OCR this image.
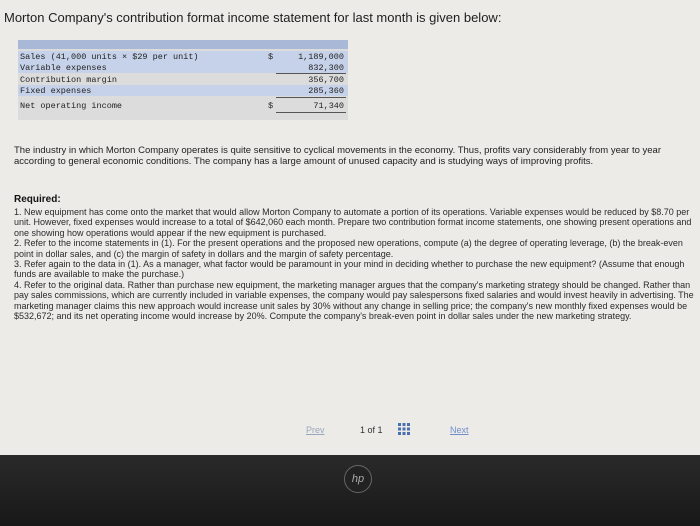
Morton Company's contribution format income statement for last month is given below:
Sales (41,000 units × $29 per unit)	$	1,189,000
Variable expenses	832,300
Contribution margin	356,700
Fixed expenses	285,360
Net operating income	$	71,340
The industry in which Morton Company operates is quite sensitive to cyclical movements in the economy. Thus, profits vary considerably from year to year according to general economic conditions. The company has a large amount of unused capacity and is studying ways of improving profits.
Required:

1. New equipment has come onto the market that would allow Morton Company to automate a portion of its operations. Variable expenses would be reduced by $8.70 per unit. However, fixed expenses would increase to a total of $642,060 each month. Prepare two contribution format income statements, one showing present operations and one showing how operations would appear if the new equipment is purchased.

2. Refer to the income statements in (1). For the present operations and the proposed new operations, compute (a) the degree of operating leverage, (b) the break-even point in dollar sales, and (c) the margin of safety in dollars and the margin of safety percentage.

3. Refer again to the data in (1). As a manager, what factor would be paramount in your mind in deciding whether to purchase the new equipment? (Assume that enough funds are available to make the purchase.)

4. Refer to the original data. Rather than purchase new equipment, the marketing manager argues that the company's marketing strategy should be changed. Rather than pay sales commissions, which are currently included in variable expenses, the company would pay salespersons fixed salaries and would invest heavily in advertising. The marketing manager claims this new approach would increase unit sales by 30% without any change in selling price; the company's new monthly fixed expenses would be $532,672; and its net operating income would increase by 20%. Compute the company's break-even point in dollar sales under the new marketing strategy.

Prev	1 of 1	Next
hp
